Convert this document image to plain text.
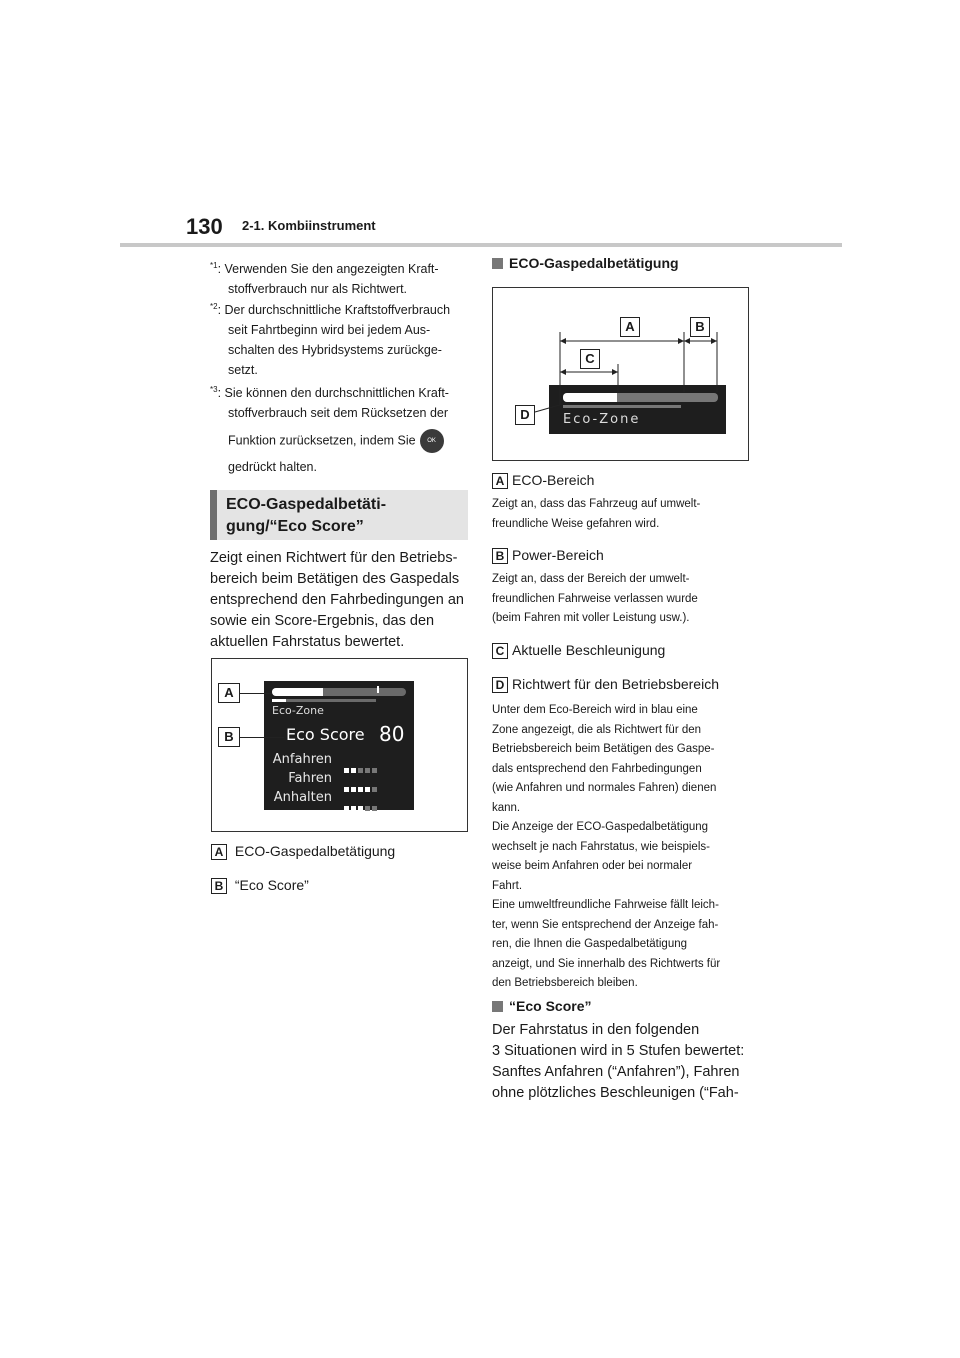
130 2-1. Kombiinstrument
$^{*1}$: Verwenden Sie den angezeigten Kraft-
stoffverbrauch nur als Richtwert.
$^{*2}$: Der durchschnittliche Kraftstoffverbrauch
seit Fahrtbeginn wird bei jedem Aus-
schalten des Hybridsystems zurückge-
setzt.
$^{*3}$: Sie können den durchschnittlichen Kraft-
stoffverbrauch seit dem Rücksetzen der
Funktion zurücksetzen, indem Sie OK
gedrückt halten.
ECO-Gaspedalbetäti-
gung/“Eco Score”
Zeigt einen Richtwert für den Betriebs-
bereich beim Betätigen des Gaspedals
entsprechend den Fahrbedingungen an
sowie ein Score-Ergebnis, das den
aktuellen Fahrstatus bewertet.
Eco-Zone
Eco Score 80
Anfahren
Fahren
Anhalten
A
B
A ECO-Gaspedalbetätigung
B “Eco Score”
ECO-Gaspedalbetätigung
Eco-Zone
A	B
C
D
A ECO-Bereich
Zeigt an, dass das Fahrzeug auf umwelt-
freundliche Weise gefahren wird.
B Power-Bereich
Zeigt an, dass der Bereich der umwelt-
freundlichen Fahrweise verlassen wurde
(beim Fahren mit voller Leistung usw.).
C Aktuelle Beschleunigung
D Richtwert für den Betriebsbereich
Unter dem Eco-Bereich wird in blau eine
Zone angezeigt, die als Richtwert für den
Betriebsbereich beim Betätigen des Gaspe-
dals entsprechend den Fahrbedingungen
(wie Anfahren und normales Fahren) dienen
kann.
Die Anzeige der ECO-Gaspedalbetätigung
wechselt je nach Fahrstatus, wie beispiels-
weise beim Anfahren oder bei normaler
Fahrt.
Eine umweltfreundliche Fahrweise fällt leich-
ter, wenn Sie entsprechend der Anzeige fah-
ren, die Ihnen die Gaspedalbetätigung
anzeigt, und Sie innerhalb des Richtwerts für
den Betriebsbereich bleiben.
“Eco Score”
Der Fahrstatus in den folgenden
3 Situationen wird in 5 Stufen bewertet:
Sanftes Anfahren (“Anfahren”), Fahren
ohne plötzliches Beschleunigen (“Fah-
